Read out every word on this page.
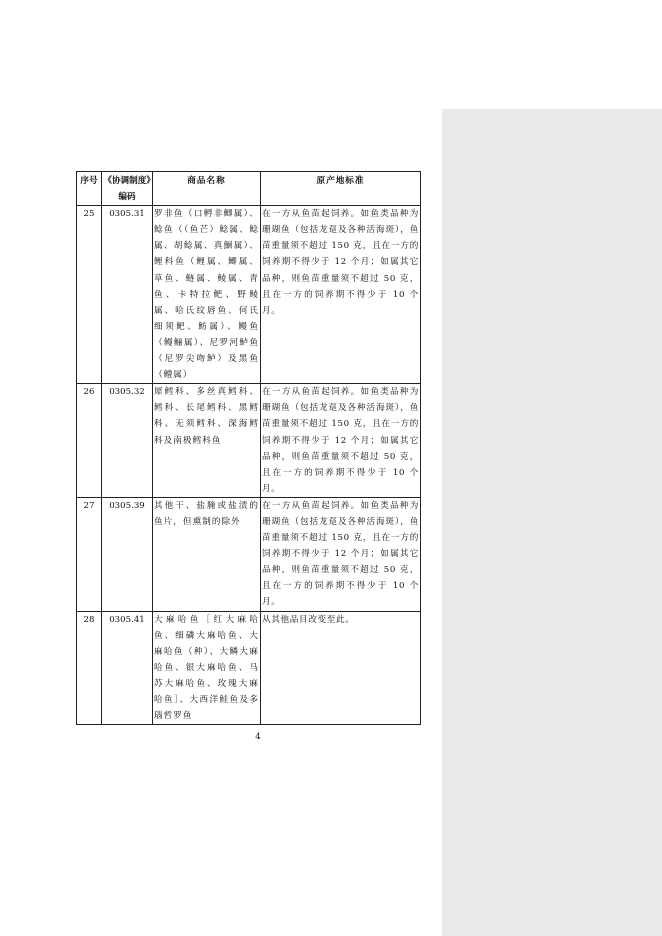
序号	《协调制度》编码	商品名称	原产地标准
25	0305.31	罗非鱼（口孵非鲫属）、鲶鱼（（鱼芒）鲶属、鲶属、胡鲶属、真鮰属）、鲤科鱼（鲤属、鲫属、草鱼、鲢属、鲮属、青鱼、卡特拉鲃、野鲮属、哈氏纹唇鱼、何氏细须鲃、鲂属）、鳗鱼（鳗鲡属）、尼罗河鲈鱼（尼罗尖吻鲈）及黑鱼（鳢属）	在一方从鱼苗起饲养。如鱼类品种为珊瑚鱼（包括龙趸及各种活海斑），鱼苗重量须不超过 150 克，且在一方的饲养期不得少于 12 个月；如属其它品种，则鱼苗重量须不超过 50 克，且在一方的饲养期不得少于 10 个月。
26	0305.32	犀鳕科、多丝真鳕科、鳕科、长尾鳕科、黑鳕科、无须鳕科、深海鳕科及南极鳕科鱼	在一方从鱼苗起饲养。如鱼类品种为珊瑚鱼（包括龙趸及各种活海斑），鱼苗重量须不超过 150 克，且在一方的饲养期不得少于 12 个月；如属其它品种，则鱼苗重量须不超过 50 克，且在一方的饲养期不得少于 10 个月。
27	0305.39	其他干、盐腌或盐渍的鱼片，但熏制的除外	在一方从鱼苗起饲养。如鱼类品种为珊瑚鱼（包括龙趸及各种活海斑），鱼苗重量须不超过 150 克，且在一方的饲养期不得少于 12 个月；如属其它品种，则鱼苗重量须不超过 50 克，且在一方的饲养期不得少于 10 个月。
28	0305.41	大麻哈鱼［红大麻哈鱼、细磷大麻哈鱼、大麻哈鱼（种）、大鳞大麻哈鱼、银大麻哈鱼、马苏大麻哈鱼、玫瑰大麻哈鱼］、大西洋鲑鱼及多瑙哲罗鱼	从其他品目改变至此。
4
